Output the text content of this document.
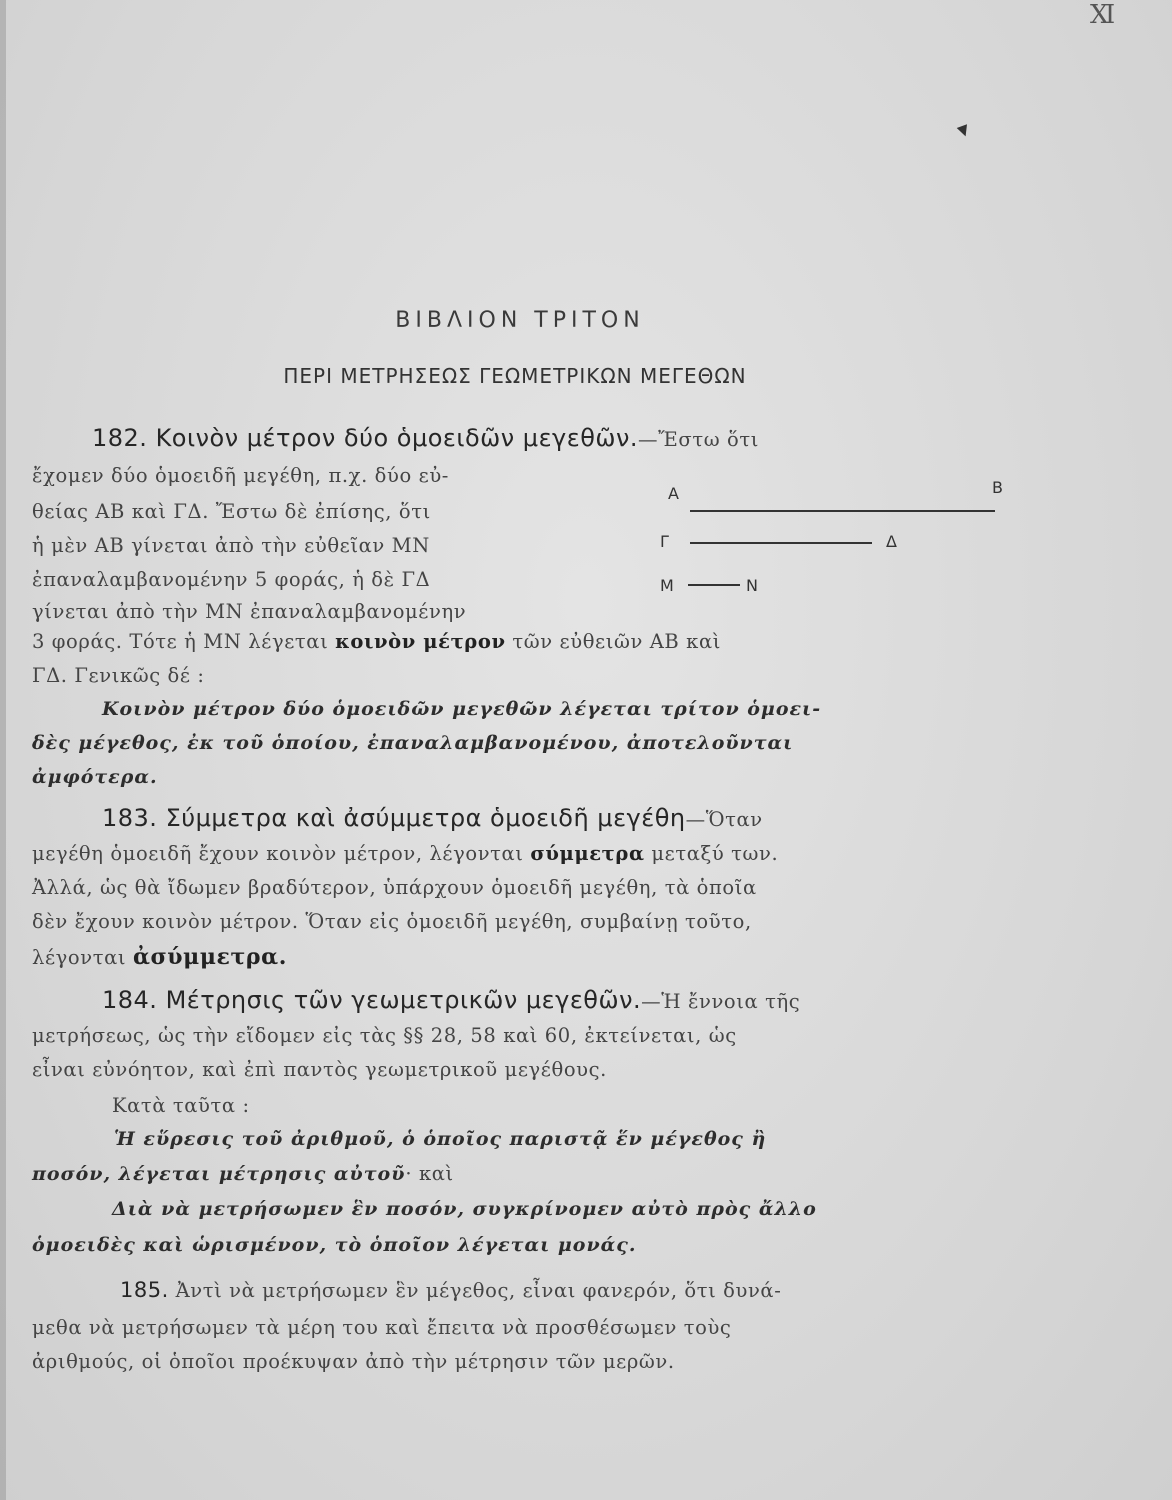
Ⅺ
▾
ΒΙΒΛΙΟΝ ΤΡΙΤΟΝ
ΠΕΡΙ ΜΕΤΡΗΣΕΩΣ ΓΕΩΜΕΤΡΙΚΩΝ ΜΕΓΕΘΩΝ
182. Κοινὸν μέτρον δύο ὁμοειδῶν μεγεθῶν.—Ἔστω ὅτι
ἔχομεν δύο ὁμοειδῆ μεγέθη, π.χ. δύο εὐ-
θείας ΑΒ καὶ ΓΔ. Ἔστω δὲ ἐπίσης, ὅτι
ἡ μὲν ΑΒ γίνεται ἀπὸ τὴν εὐθεῖαν ΜΝ
ἐπαναλαμβανομένην 5 φοράς, ἡ δὲ ΓΔ
γίνεται ἀπὸ τὴν ΜΝ ἐπαναλαμβανομένην
3 φοράς. Τότε ἡ ΜΝ λέγεται κοινὸν μέτρον τῶν εὐθειῶν ΑΒ καὶ
ΓΔ. Γενικῶς δέ :
Κοινὸν μέτρον δύο ὁμοειδῶν μεγεθῶν λέγεται τρίτον ὁμοει-
δὲς μέγεθος, ἐκ τοῦ ὁποίου, ἐπαναλαμβανομένου, ἀποτελοῦνται
ἀμφότερα.
Α	Β
Γ	Δ
Μ	Ν
183. Σύμμετρα καὶ ἀσύμμετρα ὁμοειδῆ μεγέθη—Ὅταν
μεγέθη ὁμοειδῆ ἔχουν κοινὸν μέτρον, λέγονται σύμμετρα μεταξύ των.
Ἀλλά, ὡς θὰ ἴδωμεν βραδύτερον, ὑπάρχουν ὁμοειδῆ μεγέθη, τὰ ὁποῖα
δὲν ἔχουν κοινὸν μέτρον. Ὅταν εἰς ὁμοειδῆ μεγέθη, συμβαίνῃ τοῦτο,
λέγονται ἀσύμμετρα.
184. Μέτρησις τῶν γεωμετρικῶν μεγεθῶν.—Ἡ ἔννοια τῆς
μετρήσεως, ὡς τὴν εἴδομεν εἰς τὰς §§ 28, 58 καὶ 60, ἐκτείνεται, ὡς
εἶναι εὐνόητον, καὶ ἐπὶ παντὸς γεωμετρικοῦ μεγέθους.
Κατὰ ταῦτα :
Ἡ εὕρεσις τοῦ ἀριθμοῦ, ὁ ὁποῖος παριστᾷ ἕν μέγεθος ἢ
ποσόν, λέγεται μέτρησις αὐτοῦ· καὶ
Διὰ νὰ μετρήσωμεν ἓν ποσόν, συγκρίνομεν αὐτὸ πρὸς ἄλλο
ὁμοειδὲς καὶ ὡρισμένον, τὸ ὁποῖον λέγεται μονάς.
185. Ἀντὶ νὰ μετρήσωμεν ἓν μέγεθος, εἶναι φανερόν, ὅτι δυνά-
μεθα νὰ μετρήσωμεν τὰ μέρη του καὶ ἔπειτα νὰ προσθέσωμεν τοὺς
ἀριθμούς, οἱ ὁποῖοι προέκυψαν ἀπὸ τὴν μέτρησιν τῶν μερῶν.
